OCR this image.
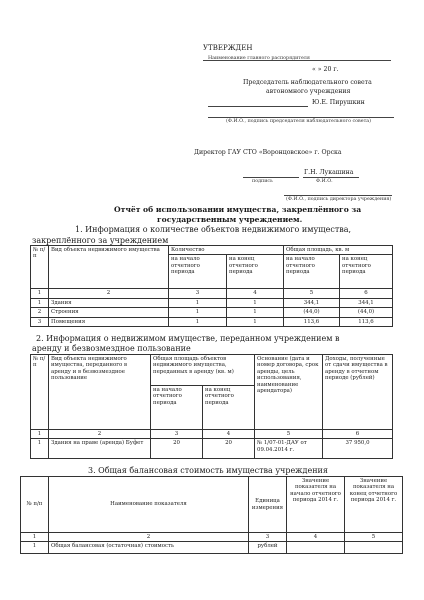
УТВЕРЖДЕН
Наименование главного распорядителя
« » 20 г.
Председатель наблюдательного совета
автономного учреждения
Ю.Е. Пирушкин
(Ф.И.О., подпись председателя наблюдательного совета)
Директор ГАУ СТО «Воронцовское» г. Орска
Г.Н. Лукашина
подпись	Ф.И.О.
(Ф.И.О., подпись директора учреждения)
Отчёт об использовании имущества, закреплённого за
государственным учреждением.
1. Информация о количестве объектов недвижимого имущества,
закреплённого за учреждением
№ п/п	Вид объекта недвижимого имущества	Количество		Общая площадь, кв. м	
		на начало отчетного периода	на конец отчетного периода	на начало отчетного периода	на конец отчетного периода
1	2	3	4	5	6
1	Здания	1	1	344,1	344,1
2	Строения	1	1	(44,0)	(44,0)
3	Помещения	1	1	113,6	113,6
2. Информация о недвижимом имуществе, переданном учреждением в
аренду и безвозмездное пользование
№ п/п	Вид объекта недвижимого имущества, переданного в аренду и в безвозмездное пользование	Общая площадь объектов недвижимого имущества, переданных в аренду (кв. м)		Основание (дата и номер договора, срок аренды, цель использования, наименование арендатора)	Доходы, полученные от сдачи имущества в аренду в отчетном периоде (рублей)
		на начало отчетного периода	на конец отчетного периода		
1	2	3	4	5	6
1	Здания на праве (аренда) Буфет	20	20	№ 1/07-01-ДАУ от 09.04.2014 г.	37 950,0
3. Общая балансовая стоимость имущества учреждения
№ п/п	Наименование показателя	Единица измерения	Значение показателя на начало отчетного периода 2014 г.	Значение показателя на конец отчетного периода 2014 г.
1	2	3	4	5
1	Общая балансовая (остаточная) стоимость	рублей		
